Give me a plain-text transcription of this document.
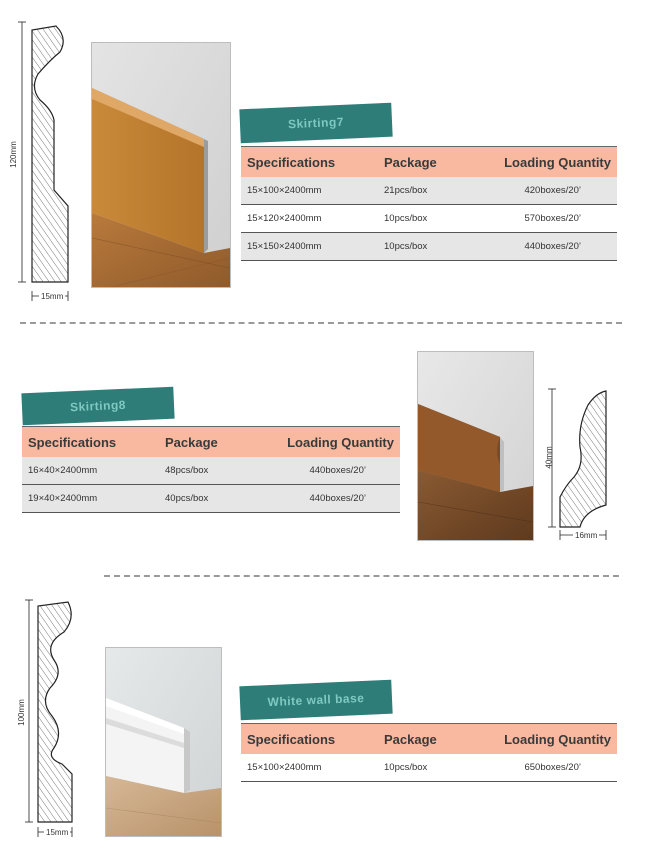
120mm
15mm
Skirting7
Specifications	Package	Loading Quantity
15×100×2400mm	21pcs/box	420boxes/20’
15×120×2400mm	10pcs/box	570boxes/20’
15×150×2400mm	10pcs/box	440boxes/20’
Skirting8
Specifications	Package	Loading Quantity
16×40×2400mm	48pcs/box	440boxes/20’
19×40×2400mm	40pcs/box	440boxes/20’
40mm
16mm
100mm
15mm
White wall base
Specifications	Package	Loading Quantity
15×100×2400mm	10pcs/box	650boxes/20’
